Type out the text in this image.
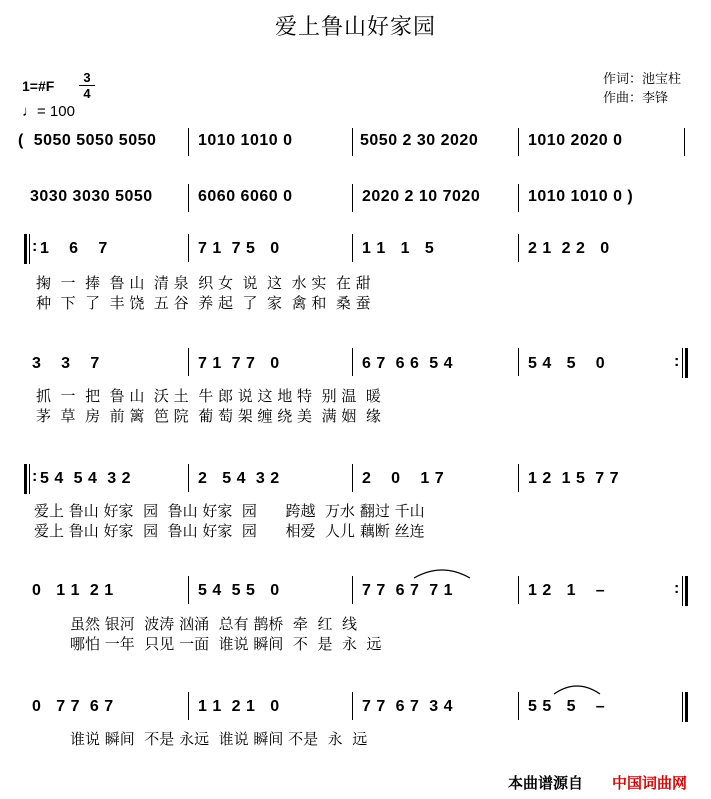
爱上鲁山好家园
1=#F
3
4
♩= 100
作词：池宝柱
作曲：李锋
(  5050 5050 5050	1010 1010 0	5050 2 30 2020	1010 2020 0
3030 3030 5050	6060 6060 0	2020 2 10 7020	1010 1010 0 )
: 1    6    7	7 1  7 5   0	1 1   1   5	2 1  2 2   0
掬  一  捧  鲁 山  清 泉  织 女  说  这  水 实  在 甜
种  下  了  丰 饶  五 谷  养 起  了  家  禽 和  桑 蚕
3    3    7	7 1  7 7   0	6 7  6 6  5 4	5 4   5    0	:
抓  一  把  鲁 山  沃 土  牛 郎 说 这 地 特  别 温  暖
茅  草  房  前 篱  笆 院  葡 萄 架 缠 绕 美  满 姻  缘
: 5 4  5 4  3 2	2   5 4  3 2	2    0    1 7	1 2  1 5  7 7
爱上 鲁山 好家  园  鲁山 好家  园      跨越  万水 翻过 千山
爱上 鲁山 好家  园  鲁山 好家  园      相爱  人儿 藕断 丝连
0   1 1  2 1	5 4  5 5   0	7 7  6 7  7 1	1 2   1    –	:
虽然 银河  波涛 汹涌  总有 鹊桥  牵  红  线
哪怕 一年  只见 一面  谁说 瞬间  不  是  永  远
0   7 7  6 7	1 1  2 1   0	7 7  6 7  3 4	5 5   5    –
谁说 瞬间  不是 永远  谁说 瞬间 不是  永  远
本曲谱源自 中国词曲网
